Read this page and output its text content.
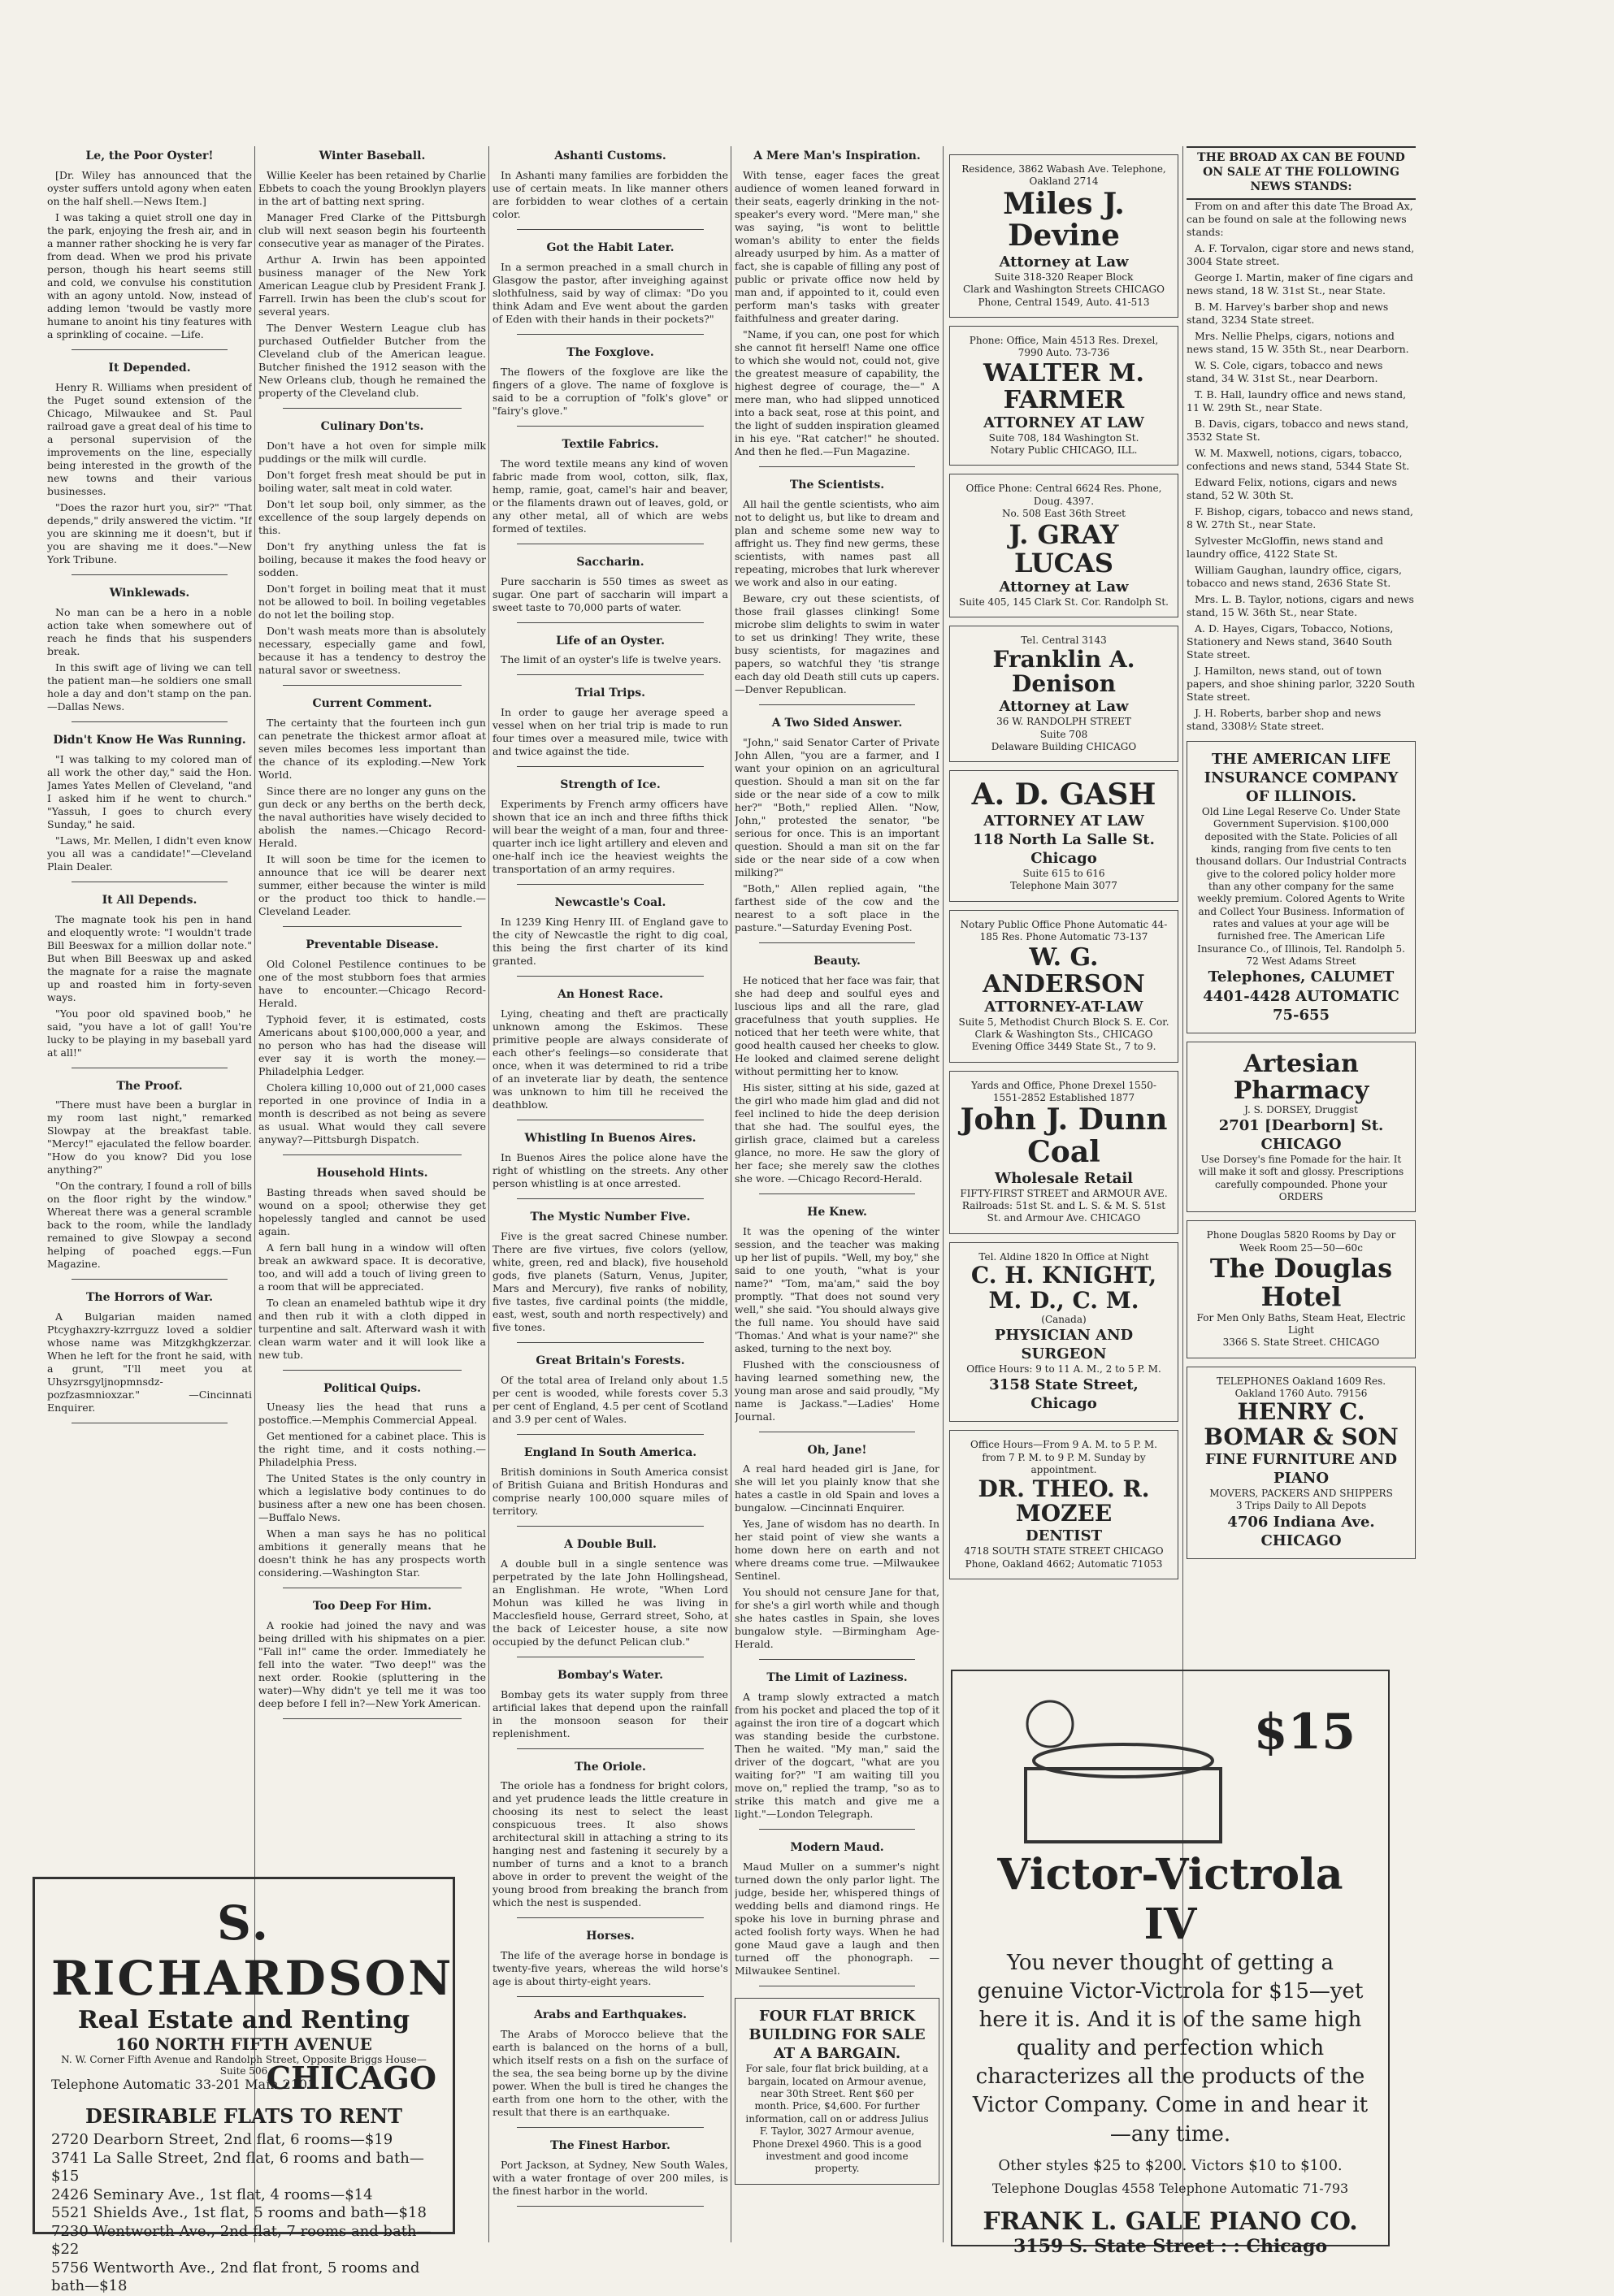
Le, the Poor Oyster!

[Dr. Wiley has announced that the oyster suffers untold agony when eaten on the half shell.—News Item.]

I was taking a quiet stroll one day in the park, enjoying the fresh air, and in a manner rather shocking he is very far from dead. When we prod his private person, though his heart seems still and cold, we convulse his constitution with an agony untold. Now, instead of adding lemon 'twould be vastly more humane to anoint his tiny features with a sprinkling of cocaine. —Life.

It Depended.

Henry R. Williams when president of the Puget sound extension of the Chicago, Milwaukee and St. Paul railroad gave a great deal of his time to a personal supervision of the improvements on the line, especially being interested in the growth of the new towns and their various businesses.

"Does the razor hurt you, sir?" "That depends," drily answered the victim. "If you are skinning me it doesn't, but if you are shaving me it does."—New York Tribune.

Winklewads.

No man can be a hero in a noble action take when somewhere out of reach he finds that his suspenders break.

In this swift age of living we can tell the patient man—he soldiers one small hole a day and don't stamp on the pan. —Dallas News.

Didn't Know He Was Running.

"I was talking to my colored man of all work the other day," said the Hon. James Yates Mellen of Cleveland, "and I asked him if he went to church." "Yassuh, I goes to church every Sunday," he said.

"Laws, Mr. Mellen, I didn't even know you all was a candidate!"—Cleveland Plain Dealer.

It All Depends.

The magnate took his pen in hand and eloquently wrote: "I wouldn't trade Bill Beeswax for a million dollar note." But when Bill Beeswax up and asked the magnate for a raise the magnate up and roasted him in forty-seven ways.

"You poor old spavined boob," he said, "you have a lot of gall! You're lucky to be playing in my baseball yard at all!"

The Proof.

"There must have been a burglar in my room last night," remarked Slowpay at the breakfast table. "Mercy!" ejaculated the fellow boarder. "How do you know? Did you lose anything?"

"On the contrary, I found a roll of bills on the floor right by the window." Whereat there was a general scramble back to the room, while the landlady remained to give Slowpay a second helping of poached eggs.—Fun Magazine.

The Horrors of War.

A Bulgarian maiden named Ptcyghaxzry-kzrrguzz loved a soldier whose name was Mitzgkhgkzerzar. When he left for the front he said, with a grunt, "I'll meet you at Uhsyzrsgyljnopmnsdz-pozfzasmnioxzar." —Cincinnati Enquirer.

Winter Baseball.

Willie Keeler has been retained by Charlie Ebbets to coach the young Brooklyn players in the art of batting next spring.

Manager Fred Clarke of the Pittsburgh club will next season begin his fourteenth consecutive year as manager of the Pirates.

Arthur A. Irwin has been appointed business manager of the New York American League club by President Frank J. Farrell. Irwin has been the club's scout for several years.

The Denver Western League club has purchased Outfielder Butcher from the Cleveland club of the American league. Butcher finished the 1912 season with the New Orleans club, though he remained the property of the Cleveland club.

Culinary Don'ts.

Don't have a hot oven for simple milk puddings or the milk will curdle.

Don't forget fresh meat should be put in boiling water, salt meat in cold water.

Don't let soup boil, only simmer, as the excellence of the soup largely depends on this.

Don't fry anything unless the fat is boiling, because it makes the food heavy or sodden.

Don't forget in boiling meat that it must not be allowed to boil. In boiling vegetables do not let the boiling stop.

Don't wash meats more than is absolutely necessary, especially game and fowl, because it has a tendency to destroy the natural savor or sweetness.

Current Comment.

The certainty that the fourteen inch gun can penetrate the thickest armor afloat at seven miles becomes less important than the chance of its exploding.—New York World.

Since there are no longer any guns on the gun deck or any berths on the berth deck, the naval authorities have wisely decided to abolish the names.—Chicago Record-Herald.

It will soon be time for the icemen to announce that ice will be dearer next summer, either because the winter is mild or the product too thick to handle.—Cleveland Leader.

Preventable Disease.

Old Colonel Pestilence continues to be one of the most stubborn foes that armies have to encounter.—Chicago Record-Herald.

Typhoid fever, it is estimated, costs Americans about $100,000,000 a year, and no person who has had the disease will ever say it is worth the money.—Philadelphia Ledger.

Cholera killing 10,000 out of 21,000 cases reported in one province of India in a month is described as not being as severe as usual. What would they call severe anyway?—Pittsburgh Dispatch.

Household Hints.

Basting threads when saved should be wound on a spool; otherwise they get hopelessly tangled and cannot be used again.

A fern ball hung in a window will often break an awkward space. It is decorative, too, and will add a touch of living green to a room that will be appreciated.

To clean an enameled bathtub wipe it dry and then rub it with a cloth dipped in turpentine and salt. Afterward wash it with clean warm water and it will look like a new tub.

Political Quips.

Uneasy lies the head that runs a postoffice.—Memphis Commercial Appeal.

Get mentioned for a cabinet place. This is the right time, and it costs nothing.—Philadelphia Press.

The United States is the only country in which a legislative body continues to do business after a new one has been chosen.—Buffalo News.

When a man says he has no political ambitions it generally means that he doesn't think he has any prospects worth considering.—Washington Star.

Too Deep For Him.

A rookie had joined the navy and was being drilled with his shipmates on a pier. "Fall in!" came the order. Immediately he fell into the water. "Two deep!" was the next order. Rookie (spluttering in the water)—Why didn't ye tell me it was too deep before I fell in?—New York American.

Ashanti Customs.

In Ashanti many families are forbidden the use of certain meats. In like manner others are forbidden to wear clothes of a certain color.

Got the Habit Later.

In a sermon preached in a small church in Glasgow the pastor, after inveighing against slothfulness, said by way of climax: "Do you think Adam and Eve went about the garden of Eden with their hands in their pockets?"

The Foxglove.

The flowers of the foxglove are like the fingers of a glove. The name of foxglove is said to be a corruption of "folk's glove" or "fairy's glove."

Textile Fabrics.

The word textile means any kind of woven fabric made from wool, cotton, silk, flax, hemp, ramie, goat, camel's hair and beaver, or the filaments drawn out of leaves, gold, or any other metal, all of which are webs formed of textiles.

Saccharin.

Pure saccharin is 550 times as sweet as sugar. One part of saccharin will impart a sweet taste to 70,000 parts of water.

Life of an Oyster.

The limit of an oyster's life is twelve years.

Trial Trips.

In order to gauge her average speed a vessel when on her trial trip is made to run four times over a measured mile, twice with and twice against the tide.

Strength of Ice.

Experiments by French army officers have shown that ice an inch and three fifths thick will bear the weight of a man, four and three-quarter inch ice light artillery and eleven and one-half inch ice the heaviest weights the transportation of an army requires.

Newcastle's Coal.

In 1239 King Henry III. of England gave to the city of Newcastle the right to dig coal, this being the first charter of its kind granted.

An Honest Race.

Lying, cheating and theft are practically unknown among the Eskimos. These primitive people are always considerate of each other's feelings—so considerate that once, when it was determined to rid a tribe of an inveterate liar by death, the sentence was unknown to him till he received the deathblow.

Whistling In Buenos Aires.

In Buenos Aires the police alone have the right of whistling on the streets. Any other person whistling is at once arrested.

The Mystic Number Five.

Five is the great sacred Chinese number. There are five virtues, five colors (yellow, white, green, red and black), five household gods, five planets (Saturn, Venus, Jupiter, Mars and Mercury), five ranks of nobility, five tastes, five cardinal points (the middle, east, west, south and north respectively) and five tones.

Great Britain's Forests.

Of the total area of Ireland only about 1.5 per cent is wooded, while forests cover 5.3 per cent of England, 4.5 per cent of Scotland and 3.9 per cent of Wales.

England In South America.

British dominions in South America consist of British Guiana and British Honduras and comprise nearly 100,000 square miles of territory.

A Double Bull.

A double bull in a single sentence was perpetrated by the late John Hollingshead, an Englishman. He wrote, "When Lord Mohun was killed he was living in Macclesfield house, Gerrard street, Soho, at the back of Leicester house, a site now occupied by the defunct Pelican club."

Bombay's Water.

Bombay gets its water supply from three artificial lakes that depend upon the rainfall in the monsoon season for their replenishment.

The Oriole.

The oriole has a fondness for bright colors, and yet prudence leads the little creature in choosing its nest to select the least conspicuous trees. It also shows architectural skill in attaching a string to its hanging nest and fastening it securely by a number of turns and a knot to a branch above in order to prevent the weight of the young brood from breaking the branch from which the nest is suspended.

Horses.

The life of the average horse in bondage is twenty-five years, whereas the wild horse's age is about thirty-eight years.

Arabs and Earthquakes.

The Arabs of Morocco believe that the earth is balanced on the horns of a bull, which itself rests on a fish on the surface of the sea, the sea being borne up by the divine power. When the bull is tired he changes the earth from one horn to the other, with the result that there is an earthquake.

The Finest Harbor.

Port Jackson, at Sydney, New South Wales, with a water frontage of over 200 miles, is the finest harbor in the world.

A Mere Man's Inspiration.

With tense, eager faces the great audience of women leaned forward in their seats, eagerly drinking in the not-speaker's every word. "Mere man," she was saying, "is wont to belittle woman's ability to enter the fields already usurped by him. As a matter of fact, she is capable of filling any post of public or private office now held by man and, if appointed to it, could even perform man's tasks with greater faithfulness and greater daring.

"Name, if you can, one post for which she cannot fit herself! Name one office to which she would not, could not, give the greatest measure of capability, the highest degree of courage, the—" A mere man, who had slipped unnoticed into a back seat, rose at this point, and the light of sudden inspiration gleamed in his eye. "Rat catcher!" he shouted. And then he fled.—Fun Magazine.

The Scientists.

All hail the gentle scientists, who aim not to delight us, but like to dream and plan and scheme some new way to affright us. They find new germs, these scientists, with names past all repeating, microbes that lurk wherever we work and also in our eating.

Beware, cry out these scientists, of those frail glasses clinking! Some microbe slim delights to swim in water to set us drinking! They write, these busy scientists, for magazines and papers, so watchful they 'tis strange each day old Death still cuts up capers. —Denver Republican.

A Two Sided Answer.

"John," said Senator Carter of Private John Allen, "you are a farmer, and I want your opinion on an agricultural question. Should a man sit on the far side or the near side of a cow to milk her?" "Both," replied Allen. "Now, John," protested the senator, "be serious for once. This is an important question. Should a man sit on the far side or the near side of a cow when milking?"

"Both," Allen replied again, "the farthest side of the cow and the nearest to a soft place in the pasture."—Saturday Evening Post.

Beauty.

He noticed that her face was fair, that she had deep and soulful eyes and luscious lips and all the rare, glad gracefulness that youth supplies. He noticed that her teeth were white, that good health caused her cheeks to glow. He looked and claimed serene delight without permitting her to know.

His sister, sitting at his side, gazed at the girl who made him glad and did not feel inclined to hide the deep derision that she had. The soulful eyes, the girlish grace, claimed but a careless glance, no more. He saw the glory of her face; she merely saw the clothes she wore. —Chicago Record-Herald.

He Knew.

It was the opening of the winter session, and the teacher was making up her list of pupils. "Well, my boy," she said to one youth, "what is your name?" "Tom, ma'am," said the boy promptly. "That does not sound very well," she said. "You should always give the full name. You should have said 'Thomas.' And what is your name?" she asked, turning to the next boy.

Flushed with the consciousness of having learned something new, the young man arose and said proudly, "My name is Jackass."—Ladies' Home Journal.

Oh, Jane!

A real hard headed girl is Jane, for she will let you plainly know that she hates a castle in old Spain and loves a bungalow. —Cincinnati Enquirer.

Yes, Jane of wisdom has no dearth. In her staid point of view she wants a home down here on earth and not where dreams come true. —Milwaukee Sentinel.

You should not censure Jane for that, for she's a girl worth while and though she hates castles in Spain, she loves bungalow style. —Birmingham Age-Herald.

The Limit of Laziness.

A tramp slowly extracted a match from his pocket and placed the top of it against the iron tire of a dogcart which was standing beside the curbstone. Then he waited. "My man," said the driver of the dogcart, "what are you waiting for?" "I am waiting till you move on," replied the tramp, "so as to strike this match and give me a light."—London Telegraph.

Modern Maud.

Maud Muller on a summer's night turned down the only parlor light. The judge, beside her, whispered things of wedding bells and diamond rings. He spoke his love in burning phrase and acted foolish forty ways. When he had gone Maud gave a laugh and then turned off the phonograph. —Milwaukee Sentinel.

FOUR FLAT BRICK BUILDING FOR SALE AT A BARGAIN.
For sale, four flat brick building, at a bargain, located on Armour avenue, near 30th Street. Rent $60 per month. Price, $4,600. For further information, call on or address Julius F. Taylor, 3027 Armour avenue, Phone Drexel 4960. This is a good investment and good income property.
Residence, 3862 Wabash Ave. Telephone, Oakland 2714
Miles J. Devine
Attorney at Law
Suite 318-320 Reaper Block
Clark and Washington Streets CHICAGO
Phone, Central 1549, Auto. 41-513
Phone: Office, Main 4513 Res. Drexel, 7990 Auto. 73-736
WALTER M. FARMER
ATTORNEY AT LAW
Suite 708, 184 Washington St.
Notary Public CHICAGO, ILL.
Office Phone: Central 6624 Res. Phone, Doug. 4397.
No. 508 East 36th Street
J. GRAY LUCAS
Attorney at Law
Suite 405, 145 Clark St. Cor. Randolph St.
Tel. Central 3143
Franklin A. Denison
Attorney at Law
36 W. RANDOLPH STREET
Suite 708
Delaware Building CHICAGO
A. D. GASH
ATTORNEY AT LAW
118 North La Salle St. Chicago
Suite 615 to 616
Telephone Main 3077
Notary Public Office Phone Automatic 44-185 Res. Phone Automatic 73-137
W. G. ANDERSON
ATTORNEY-AT-LAW
Suite 5, Methodist Church Block S. E. Cor. Clark & Washington Sts., CHICAGO
Evening Office 3449 State St., 7 to 9.
Yards and Office, Phone Drexel 1550-1551-2852 Established 1877
John J. Dunn
Coal
Wholesale Retail
FIFTY-FIRST STREET and ARMOUR AVE. Railroads: 51st St. and L. S. & M. S. 51st St. and Armour Ave. CHICAGO
Tel. Aldine 1820 In Office at Night
C. H. KNIGHT, M. D., C. M.
(Canada)
PHYSICIAN AND SURGEON
Office Hours: 9 to 11 A. M., 2 to 5 P. M.
3158 State Street, Chicago
Office Hours—From 9 A. M. to 5 P. M. from 7 P. M. to 9 P. M. Sunday by appointment.
DR. THEO. R. MOZEE
DENTIST
4718 SOUTH STATE STREET CHICAGO
Phone, Oakland 4662; Automatic 71053
THE BROAD AX CAN BE FOUND ON SALE AT THE FOLLOWING NEWS STANDS:

From on and after this date The Broad Ax, can be found on sale at the following news stands:

A. F. Torvalon, cigar store and news stand, 3004 State street.

George I. Martin, maker of fine cigars and news stand, 18 W. 31st St., near State.

B. M. Harvey's barber shop and news stand, 3234 State street.

Mrs. Nellie Phelps, cigars, notions and news stand, 15 W. 35th St., near Dearborn.

W. S. Cole, cigars, tobacco and news stand, 34 W. 31st St., near Dearborn.

T. B. Hall, laundry office and news stand, 11 W. 29th St., near State.

B. Davis, cigars, tobacco and news stand, 3532 State St.

W. M. Maxwell, notions, cigars, tobacco, confections and news stand, 5344 State St.

Edward Felix, notions, cigars and news stand, 52 W. 30th St.

F. Bishop, cigars, tobacco and news stand, 8 W. 27th St., near State.

Sylvester McGloffin, news stand and laundry office, 4122 State St.

William Gaughan, laundry office, cigars, tobacco and news stand, 2636 State St.

Mrs. L. B. Taylor, notions, cigars and news stand, 15 W. 36th St., near State.

A. D. Hayes, Cigars, Tobacco, Notions, Stationery and News stand, 3640 South State street.

J. Hamilton, news stand, out of town papers, and shoe shining parlor, 3220 South State street.

J. H. Roberts, barber shop and news stand, 3308½ State street.

THE AMERICAN LIFE INSURANCE COMPANY OF ILLINOIS.
Old Line Legal Reserve Co. Under State Government Supervision. $100,000 deposited with the State. Policies of all kinds, ranging from five cents to ten thousand dollars. Our Industrial Contracts give to the colored policy holder more than any other company for the same weekly premium. Colored Agents to Write and Collect Your Business. Information of rates and values at your age will be furnished free. The American Life Insurance Co., of Illinois, Tel. Randolph 5. 72 West Adams Street
Telephones, CALUMET 4401-4428 AUTOMATIC 75-655
Artesian Pharmacy
J. S. DORSEY, Druggist
2701 [Dearborn] St. CHICAGO
Use Dorsey's fine Pomade for the hair. It will make it soft and glossy. Prescriptions carefully compounded. Phone your ORDERS
Phone Douglas 5820 Rooms by Day or Week Room 25—50—60c
The Douglas Hotel
For Men Only Baths, Steam Heat, Electric Light
3366 S. State Street. CHICAGO
TELEPHONES Oakland 1609 Res. Oakland 1760 Auto. 79156
HENRY C. BOMAR & SON
FINE FURNITURE AND PIANO
MOVERS, PACKERS AND SHIPPERS
3 Trips Daily to All Depots
4706 Indiana Ave. CHICAGO
S. RICHARDSON
Real Estate and Renting
160 NORTH FIFTH AVENUE
N. W. Corner Fifth Avenue and Randolph Street, Opposite Briggs House—Suite 506
Telephone Automatic 33-201 Main 2101
CHICAGO
DESIRABLE FLATS TO RENT
2720 Dearborn Street, 2nd flat, 6 rooms—$19
3741 La Salle Street, 2nd flat, 6 rooms and bath—$15
2426 Seminary Ave., 1st flat, 4 rooms—$14
5521 Shields Ave., 1st flat, 5 rooms and bath—$18
7230 Wentworth Ave., 2nd flat, 7 rooms and bath—$22
5756 Wentworth Ave., 2nd flat front, 5 rooms and bath—$18
$15
Victor-Victrola IV
You never thought of getting a genuine Victor-Victrola for $15—yet here it is. And it is of the same high quality and perfection which characterizes all the products of the Victor Company. Come in and hear it—any time.
Other styles $25 to $200. Victors $10 to $100.
Telephone Douglas 4558 Telephone Automatic 71-793
FRANK L. GALE PIANO CO.
3159 S. State Street : : Chicago
